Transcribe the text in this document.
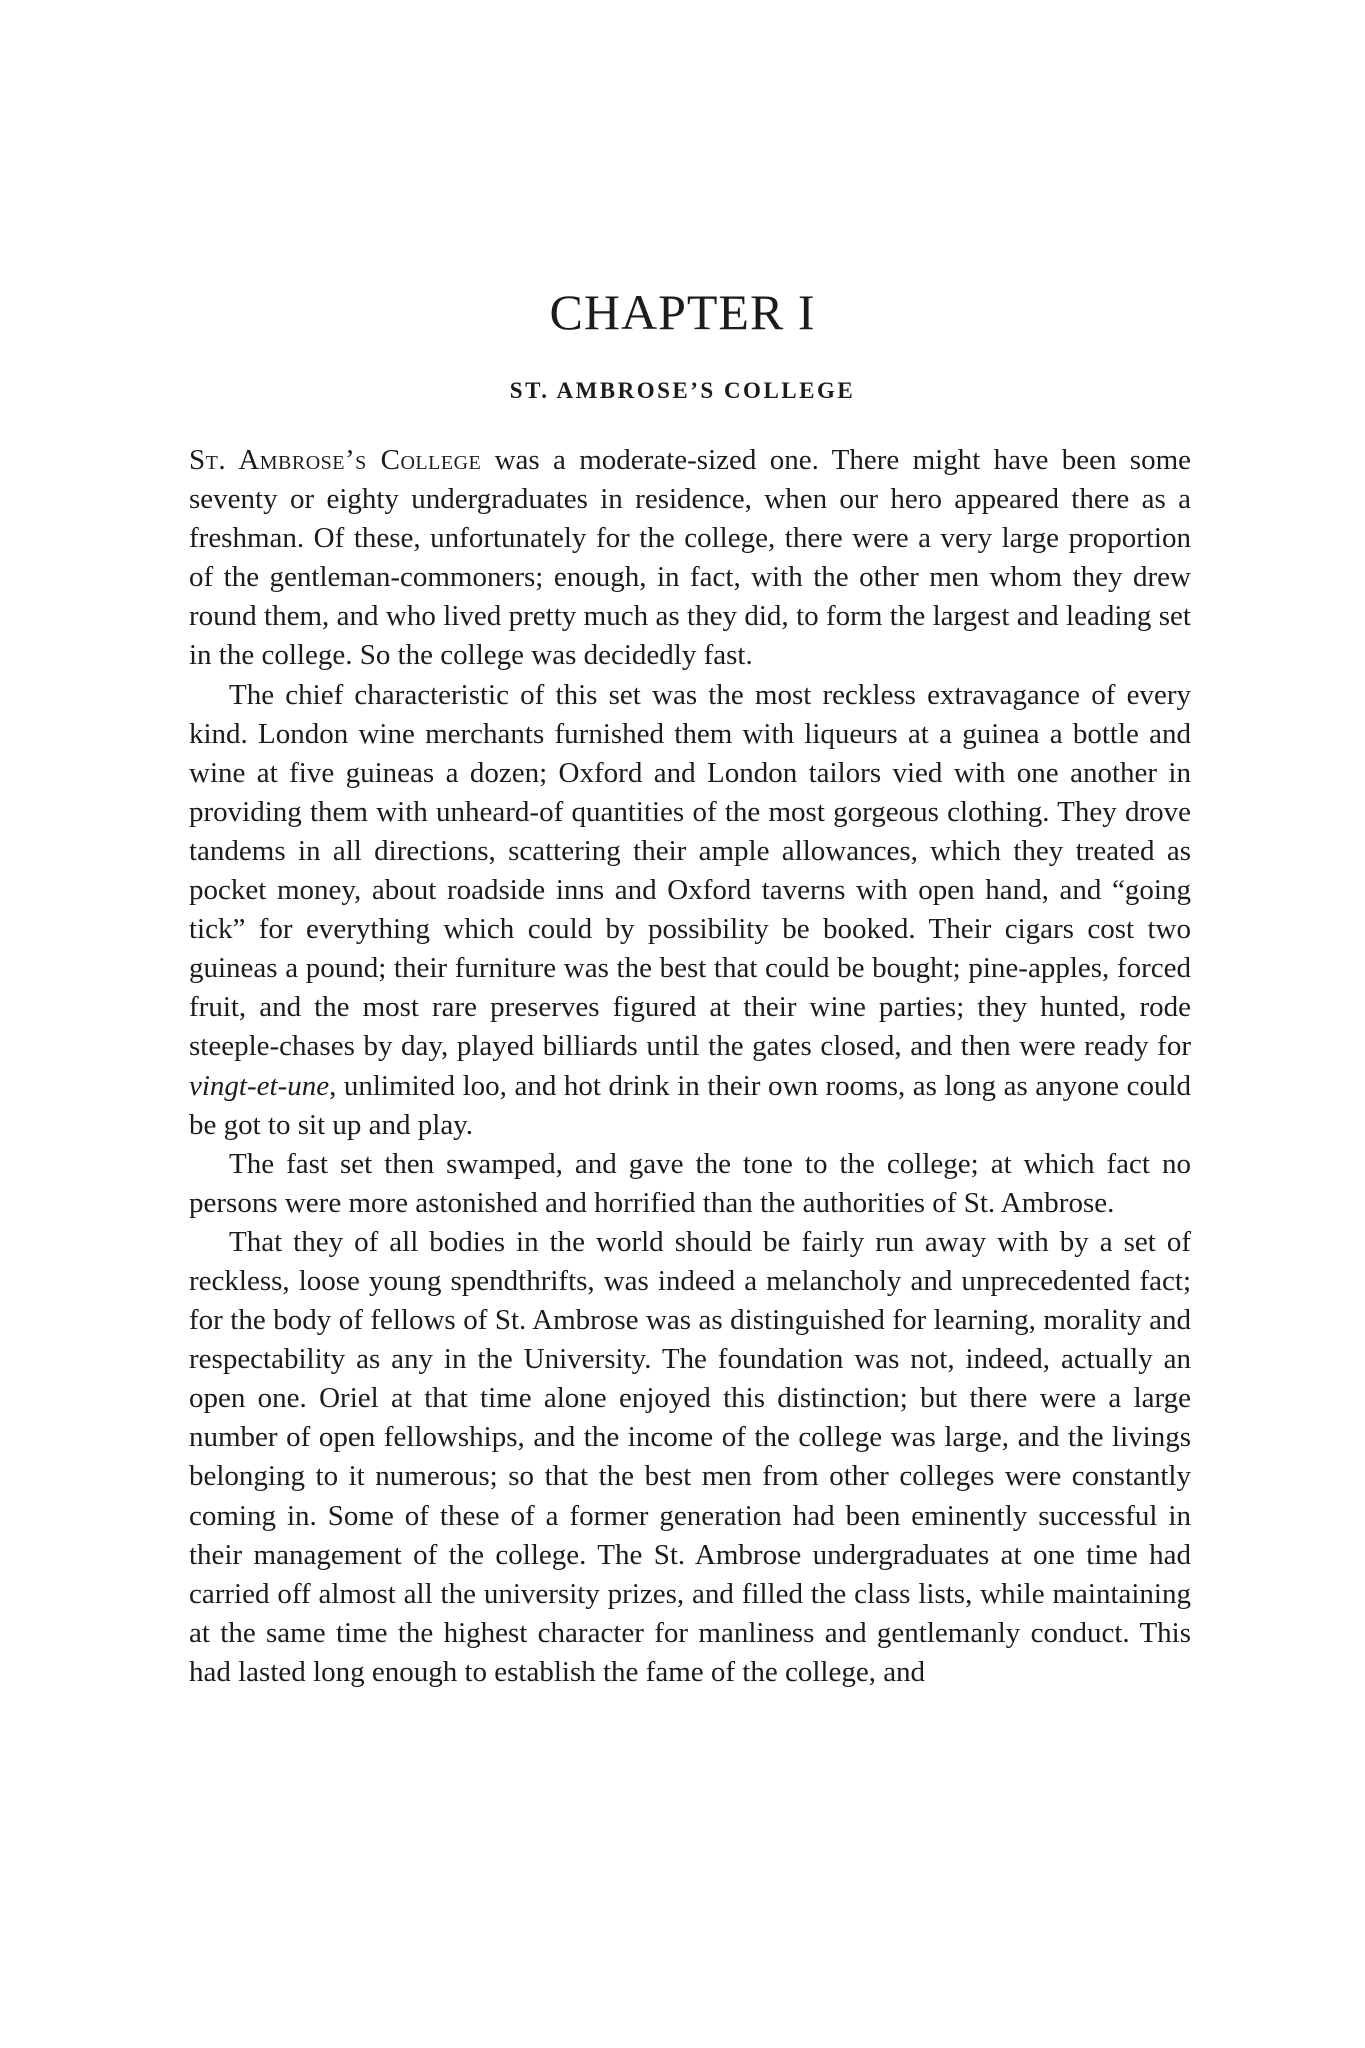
CHAPTER I
ST. AMBROSE’S COLLEGE

St. Ambrose’s College was a moderate-sized one. There might have been some seventy or eighty undergraduates in residence, when our hero appeared there as a freshman. Of these, unfortunately for the college, there were a very large proportion of the gentleman-commoners; enough, in fact, with the other men whom they drew round them, and who lived pretty much as they did, to form the largest and leading set in the college. So the college was decidedly fast.

The chief characteristic of this set was the most reckless extravagance of every kind. London wine merchants furnished them with liqueurs at a guinea a bottle and wine at five guineas a dozen; Oxford and London tailors vied with one another in providing them with unheard-of quantities of the most gorgeous clothing. They drove tandems in all directions, scattering their ample allowances, which they treated as pocket money, about roadside inns and Oxford taverns with open hand, and “going tick” for everything which could by possibility be booked. Their cigars cost two guineas a pound; their furniture was the best that could be bought; pine-apples, forced fruit, and the most rare preserves figured at their wine parties; they hunted, rode steeple-chases by day, played billiards until the gates closed, and then were ready for vingt-et-une, unlimited loo, and hot drink in their own rooms, as long as anyone could be got to sit up and play.

The fast set then swamped, and gave the tone to the college; at which fact no persons were more astonished and horrified than the authorities of St. Ambrose.

That they of all bodies in the world should be fairly run away with by a set of reckless, loose young spendthrifts, was indeed a melancholy and unprecedented fact; for the body of fellows of St. Ambrose was as distinguished for learning, morality and respectability as any in the University. The foundation was not, indeed, actually an open one. Oriel at that time alone enjoyed this distinction; but there were a large number of open fellowships, and the income of the college was large, and the livings belonging to it numerous; so that the best men from other colleges were constantly coming in. Some of these of a former generation had been eminently successful in their management of the college. The St. Ambrose undergraduates at one time had carried off almost all the university prizes, and filled the class lists, while maintaining at the same time the highest character for manliness and gentlemanly conduct. This had lasted long enough to establish the fame of the college, and
